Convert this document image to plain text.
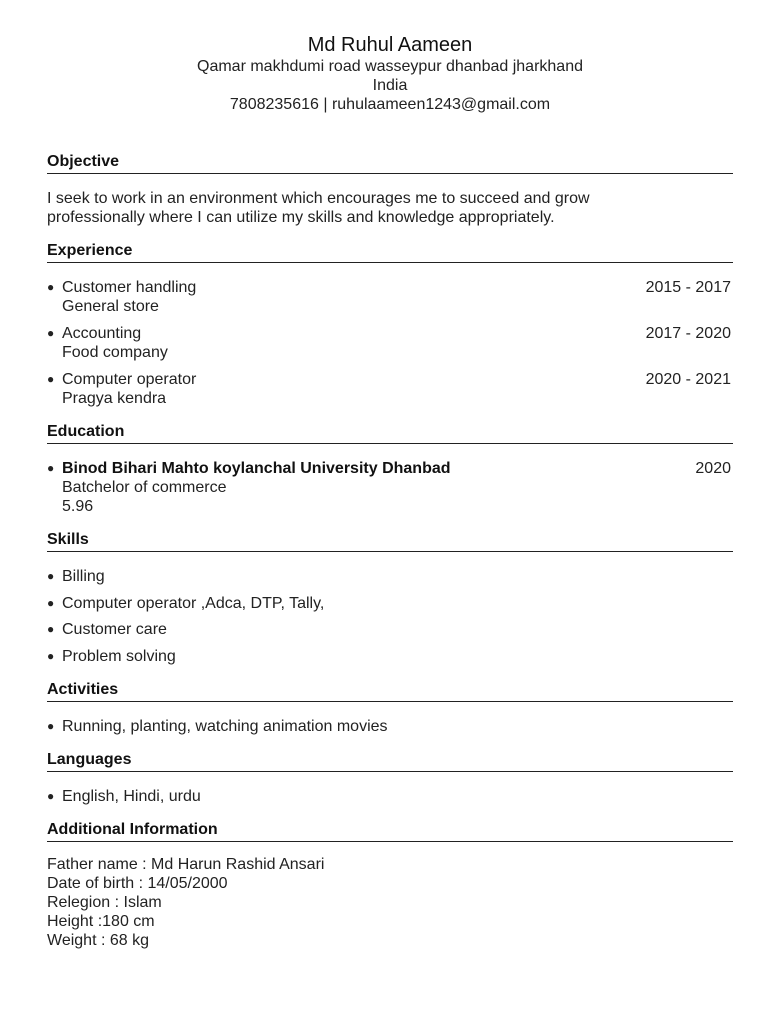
Md Ruhul Aameen
Qamar makhdumi road wasseypur dhanbad jharkhand
India
7808235616 | ruhulaameen1243@gmail.com
Objective
I seek to work in an environment which encourages me to succeed and grow
professionally where I can utilize my skills and knowledge appropriately.
Experience
● Customer handling
General store
2015 - 2017
● Accounting
Food company
2017 - 2020
● Computer operator
Pragya kendra
2020 - 2021
Education
● Binod Bihari Mahto koylanchal University Dhanbad
Batchelor of commerce
5.96
2020
Skills
● Billing
● Computer operator ,Adca, DTP, Tally,
● Customer care
● Problem solving
Activities
● Running, planting, watching animation movies
Languages
● English, Hindi, urdu
Additional Information
Father name : Md Harun Rashid Ansari
Date of birth : 14/05/2000
Relegion : Islam
Height :180 cm
Weight : 68 kg
